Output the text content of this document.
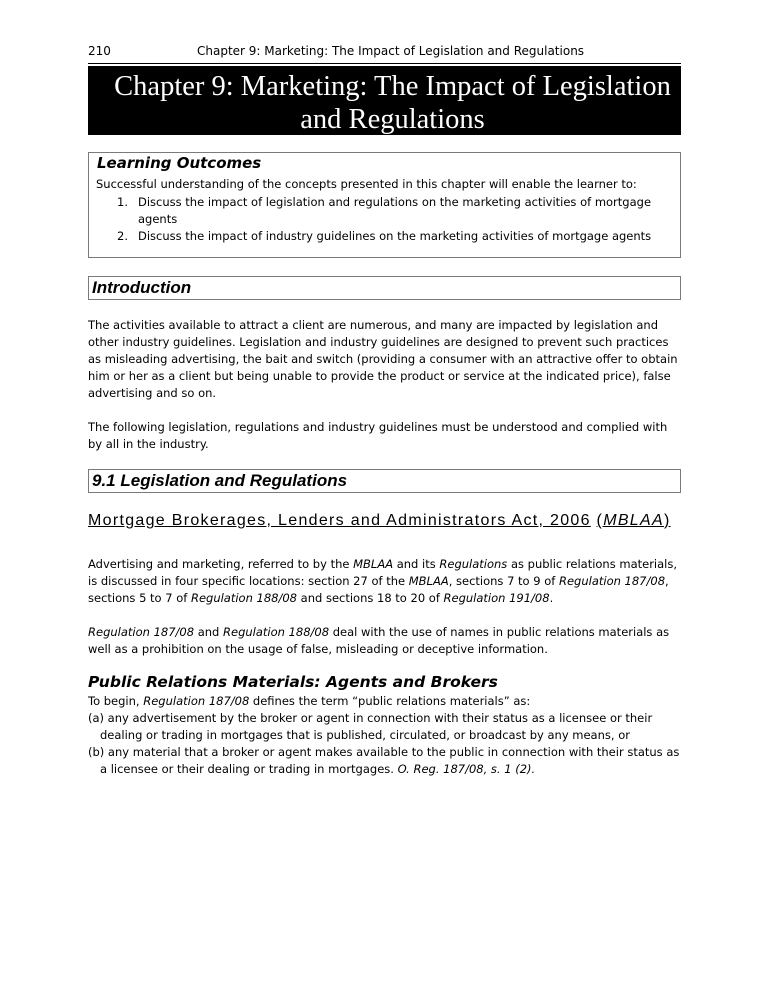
210	Chapter 9: Marketing: The Impact of Legislation and Regulations
Chapter 9: Marketing: The Impact of Legislation
and Regulations
Learning Outcomes
Successful understanding of the concepts presented in this chapter will enable the learner to:
1. Discuss the impact of legislation and regulations on the marketing activities of mortgage agents
2. Discuss the impact of industry guidelines on the marketing activities of mortgage agents
Introduction
The activities available to attract a client are numerous, and many are impacted by legislation and other industry guidelines. Legislation and industry guidelines are designed to prevent such practices as misleading advertising, the bait and switch (providing a consumer with an attractive offer to obtain him or her as a client but being unable to provide the product or service at the indicated price), false advertising and so on.
The following legislation, regulations and industry guidelines must be understood and complied with by all in the industry.
9.1 Legislation and Regulations
Mortgage Brokerages, Lenders and Administrators Act, 2006 (MBLAA)
Advertising and marketing, referred to by the MBLAA and its Regulations as public relations materials, is discussed in four specific locations: section 27 of the MBLAA, sections 7 to 9 of Regulation 187/08, sections 5 to 7 of Regulation 188/08 and sections 18 to 20 of Regulation 191/08.
Regulation 187/08 and Regulation 188/08 deal with the use of names in public relations materials as well as a prohibition on the usage of false, misleading or deceptive information.
Public Relations Materials: Agents and Brokers
To begin, Regulation 187/08 defines the term “public relations materials” as:
(a) any advertisement by the broker or agent in connection with their status as a licensee or their dealing or trading in mortgages that is published, circulated, or broadcast by any means, or
(b) any material that a broker or agent makes available to the public in connection with their status as a licensee or their dealing or trading in mortgages. O. Reg. 187/08, s. 1 (2).
